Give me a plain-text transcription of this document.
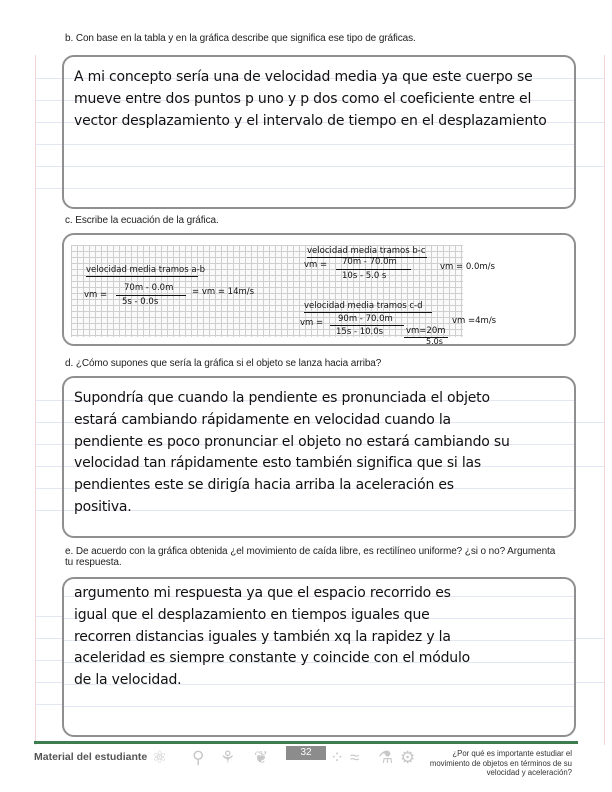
b. Con base en la tabla y en la gráfica describe que significa ese tipo de gráficas.
A mi concepto sería una de velocidad media ya que este cuerpo se mueve entre dos puntos p uno y p dos como el coeficiente entre el vector desplazamiento y el intervalo de tiempo en el desplazamiento
c. Escribe la ecuación de la gráfica.
velocidad media tramos b-c
vm = 70m - 70.0m
10s - 5.0 s
vm = 0.0m/s
velocidad media tramos a-b
vm =
70m - 0.0m
5s - 0.0s
= vm = 14m/s
velocidad media tramos c-d
vm = 90m - 70.0m
15s - 10.0s	vm=20m
5.0s
vm =4m/s
d. ¿Cómo supones que sería la gráfica si el objeto se lanza hacia arriba?
Supondría que cuando la pendiente es pronunciada el objeto estará cambiando rápidamente en velocidad cuando la pendiente es poco pronunciar el objeto no estará cambiando su velocidad tan rápidamente esto también significa que si las pendientes este se dirigía hacia arriba la aceleración es positiva.
e. De acuerdo con la gráfica obtenida ¿el movimiento de caída libre, es rectilíneo uniforme? ¿si o no? Argumenta tu respuesta.
argumento mi respuesta ya que el espacio recorrido es igual que el desplazamiento en tiempos iguales que recorren distancias iguales y también xq la rapidez y la aceleridad es siempre constante y coincide con el módulo de la velocidad.
Material del estudiante ⚛ ⚲ ⚘ ❦	32	⁘ ≈ ⚗ ⚙	¿Por qué es importante estudiar el movimiento de objetos en términos de su velocidad y aceleración?
